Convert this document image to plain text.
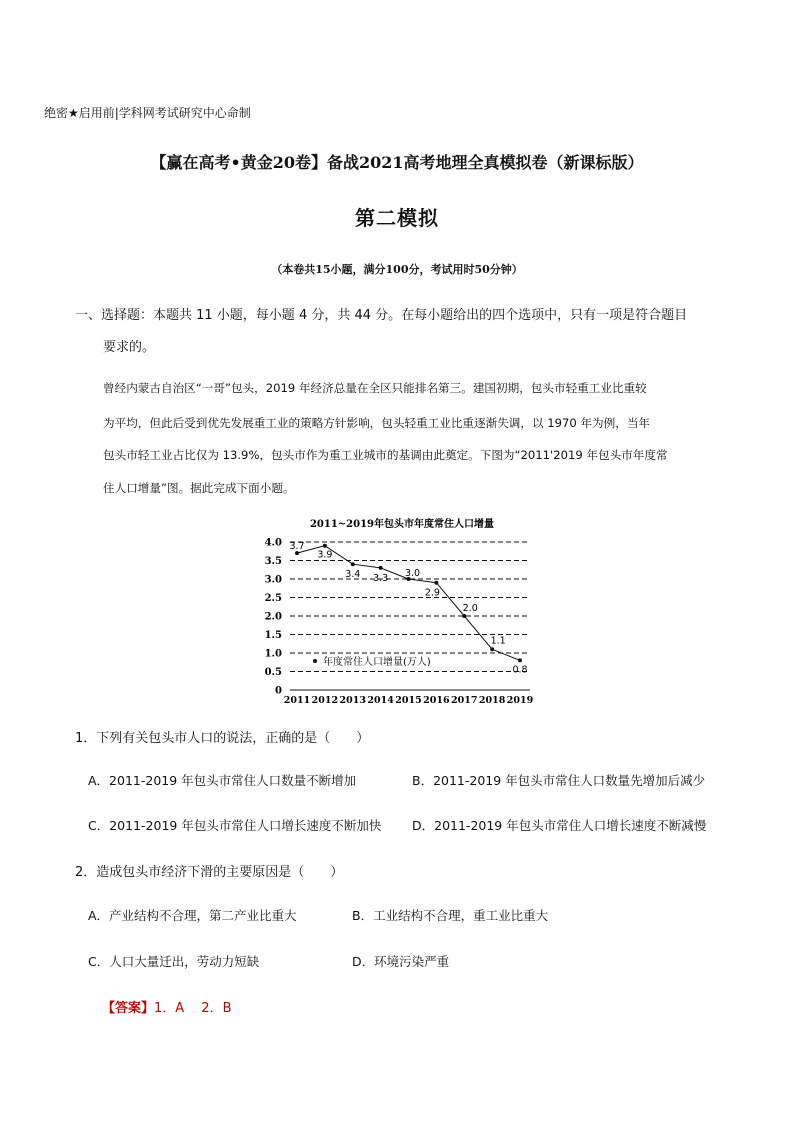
绝密★启用前|学科网考试研究中心命制
【赢在高考•黄金20卷】备战2021高考地理全真模拟卷（新课标版）
第二模拟
（本卷共15小题，满分100分，考试用时50分钟）
一、选择题：本题共 11 小题，每小题 4 分，共 44 分。在每小题给出的四个选项中，只有一项是符合题目
要求的。
曾经内蒙古自治区“一哥”包头，2019 年经济总量在全区只能排名第三。建国初期，包头市轻重工业比重较
为平均，但此后受到优先发展重工业的策略方针影响，包头轻重工业比重逐渐失调，以 1970 年为例，当年
包头市轻工业占比仅为 13.9%，包头市作为重工业城市的基调由此奠定。下图为“2011'2019 年包头市年度常
住人口增量”图。据此完成下面小题。
2011~2019年包头市年度常住人口增量
0
0.5
1.0
1.5
2.0
2.5
3.0
3.5
4.0
2011 2012 2013 2014 2015 2016 2017 2018 2019
3.7
3.9
3.4 3.3 3.0
2.9
2.0
1.1
0.8
年度常住人口增量(万人)
1．下列有关包头市人口的说法，正确的是（　　）
A．2011-2019 年包头市常住人口数量不断增加	B．2011-2019 年包头市常住人口数量先增加后减少
C．2011-2019 年包头市常住人口增长速度不断加快 D．2011-2019 年包头市常住人口增长速度不断减慢
2．造成包头市经济下滑的主要原因是（　　）
A．产业结构不合理，第二产业比重大	B．工业结构不合理，重工业比重大
C．人口大量迁出，劳动力短缺	D．环境污染严重
【答案】1．A　 2．B
